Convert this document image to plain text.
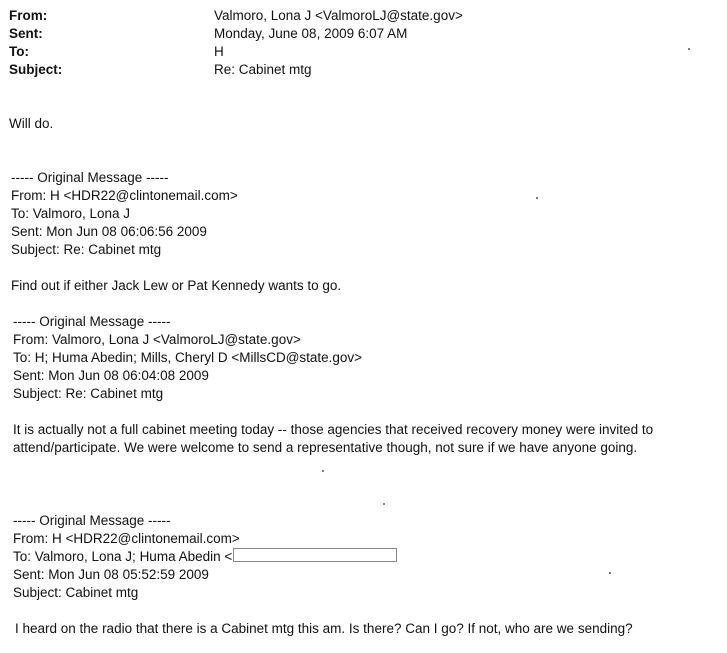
From:	Valmoro, Lona J <ValmoroLJ@state.gov>
Sent:	Monday, June 08, 2009 6:07 AM
To:	H
Subject:	Re: Cabinet mtg
Will do.
----- Original Message -----
From: H <HDR22@clintonemail.com>
To: Valmoro, Lona J
Sent: Mon Jun 08 06:06:56 2009
Subject: Re: Cabinet mtg
Find out if either Jack Lew or Pat Kennedy wants to go.
----- Original Message -----
From: Valmoro, Lona J <ValmoroLJ@state.gov>
To: H; Huma Abedin; Mills, Cheryl D <MillsCD@state.gov>
Sent: Mon Jun 08 06:04:08 2009
Subject: Re: Cabinet mtg
It is actually not a full cabinet meeting today -- those agencies that received recovery money were invited to
attend/participate. We were welcome to send a representative though, not sure if we have anyone going.
----- Original Message -----
From: H <HDR22@clintonemail.com>
To: Valmoro, Lona J; Huma Abedin <
Sent: Mon Jun 08 05:52:59 2009
Subject: Cabinet mtg
I heard on the radio that there is a Cabinet mtg this am. Is there? Can I go? If not, who are we sending?
